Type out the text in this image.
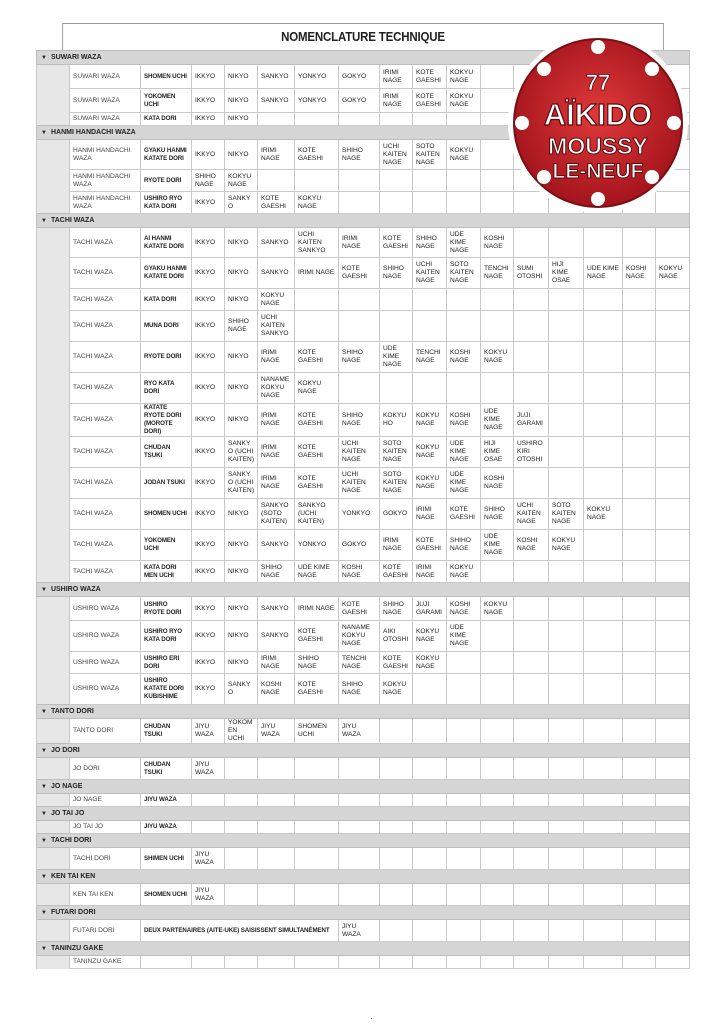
NOMENCLATURE TECHNIQUE
▼ SUWARI WAZA																
	SUWARI WAZA	SHOMEN UCHI	IKKYO	NIKYO	SANKYO	YONKYO	GOKYO	IRIMI NAGE	KOTE GAESHI	KOKYU NAGE						
	SUWARI WAZA	YOKOMEN UCHI	IKKYO	NIKYO	SANKYO	YONKYO	GOKYO	IRIMI NAGE	KOTE GAESHI	KOKYU NAGE						
	SUWARI WAZA	KATA DORI	IKKYO	NIKYO												
▼ HANMI HANDACHI WAZA																
	HANMI HANDACHI WAZA	GYAKU HANMI KATATE DORI	IKKYO	NIKYO	IRIMI NAGE	KOTE GAESHI	SHIHO NAGE	UCHI KAITEN NAGE	SOTO KAITEN NAGE	KOKYU NAGE						
	HANMI HANDACHI WAZA	RYOTE DORI	SHIHO NAGE	KOKYU NAGE												
	HANMI HANDACHI WAZA	USHIRO RYO KATA DORI	IKKYO	SANKYO	KOTE GAESHI	KOKYU NAGE										
▼ TACHI WAZA																
	TACHI WAZA	AI HANMI KATATE DORI	IKKYO	NIKYO	SANKYO	UCHI KAITEN SANKYO	IRIMI NAGE	KOTE GAESHI	SHIHO NAGE	UDE KIME NAGE	KOSHI NAGE					
	TACHI WAZA	GYAKU HANMI KATATE DORI	IKKYO	NIKYO	SANKYO	IRIMI NAGE	KOTE GAESHI	SHIHO NAGE	UCHI KAITEN NAGE	SOTO KAITEN NAGE	TENCHI NAGE	SUMI OTOSHI	HIJI KIME OSAE	UDE KIME NAGE	KOSHI NAGE	KOKYU NAGE
	TACHI WAZA	KATA DORI	IKKYO	NIKYO	KOKYU NAGE											
	TACHI WAZA	MUNA DORI	IKKYO	SHIHO NAGE	UCHI KAITEN SANKYO											
	TACHI WAZA	RYOTE DORI	IKKYO	NIKYO	IRIMI NAGE	KOTE GAESHI	SHIHO NAGE	UDE KIME NAGE	TENCHI NAGE	KOSHI NAGE	KOKYU NAGE					
	TACHI WAZA	RYO KATA DORI	IKKYO	NIKYO	NANAME KOKYU NAGE	KOKYU NAGE										
	TACHI WAZA	KATATE RYOTE DORI (MOROTE DORI)	IKKYO	NIKYO	IRIMI NAGE	KOTE GAESHI	SHIHO NAGE	KOKYU HO	KOKYU NAGE	KOSHI NAGE	UDE KIME NAGE	JUJI GARAMI				
	TACHI WAZA	CHUDAN TSUKI	IKKYO	SANKYO (UCHI KAITEN)	IRIMI NAGE	KOTE GAESHI	UCHI KAITEN NAGE	SOTO KAITEN NAGE	KOKYU NAGE	UDE KIME NAGE	HIJI KIME OSAE	USHIRO KIRI OTOSHI				
	TACHI WAZA	JODAN TSUKI	IKKYO	SANKYO (UCHI KAITEN)	IRIMI NAGE	KOTE GAESHI	UCHI KAITEN NAGE	SOTO KAITEN NAGE	KOKYU NAGE	UDE KIME NAGE	KOSHI NAGE					
	TACHI WAZA	SHOMEN UCHI	IKKYO	NIKYO	SANKYO (SOTO KAITEN)	SANKYO (UCHI KAITEN)	YONKYO	GOKYO	IRIMI NAGE	KOTE GAESHI	SHIHO NAGE	UCHI KAITEN NAGE	SOTO KAITEN NAGE	KOKYU NAGE		
	TACHI WAZA	YOKOMEN UCHI	IKKYO	NIKYO	SANKYO	YONKYO	GOKYO	IRIMI NAGE	KOTE GAESHI	SHIHO NAGE	UDE KIME NAGE	KOSHI NAGE	KOKYU NAGE			
	TACHI WAZA	KATA DORI MEN UCHI	IKKYO	NIKYO	SHIHO NAGE	UDE KIME NAGE	KOSHI NAGE	KOTE GAESHI	IRIMI NAGE	KOKYU NAGE						
▼ USHIRO WAZA																
	USHIRO WAZA	USHIRO RYOTE DORI	IKKYO	NIKYO	SANKYO	IRIMI NAGE	KOTE GAESHI	SHIHO NAGE	JUJI GARAMI	KOSHI NAGE	KOKYU NAGE					
	USHIRO WAZA	USHIRO RYO KATA DORI	IKKYO	NIKYO	SANKYO	KOTE GAESHI	NANAME KOKYU NAGE	AIKI OTOSHI	KOKYU NAGE	UDE KIME NAGE						
	USHIRO WAZA	USHIRO ERI DORI	IKKYO	NIKYO	IRIMI NAGE	SHIHO NAGE	TENCHI NAGE	KOTE GAESHI	KOKYU NAGE							
	USHIRO WAZA	USHIRO KATATE DORI KUBISHIME	IKKYO	SANKYO	KOSHI NAGE	KOTE GAESHI	SHIHO NAGE	KOKYU NAGE								
▼ TANTO DORI																
	TANTO DORI	CHUDAN TSUKI	JIYU WAZA	YOKOMEN UCHI	JIYU WAZA	SHOMEN UCHI	JIYU WAZA									
▼ JO DORI																
	JO DORI	CHUDAN TSUKI	JIYU WAZA													
▼ JO NAGE																
	JO NAGE	JIYU WAZA														
▼ JO TAI JO																
	JO TAI JO	JIYU WAZA														
▼ TACHI DORI																
	TACHI DORI	SHIMEN UCHI	JIYU WAZA													
▼ KEN TAI KEN																
	KEN TAI KEN	SHOMEN UCHI	JIYU WAZA													
▼ FUTARI DORI																
	FUTARI DORI	DEUX PARTENAIRES (AITE-UKE) SAISISSENT SIMULTANÉMENT					JIYU WAZA									
▼ TANINZU GAKE																
	TANINZU GAKE															
77
AÏKIDO
MOUSSY
LE-NEUF
·
